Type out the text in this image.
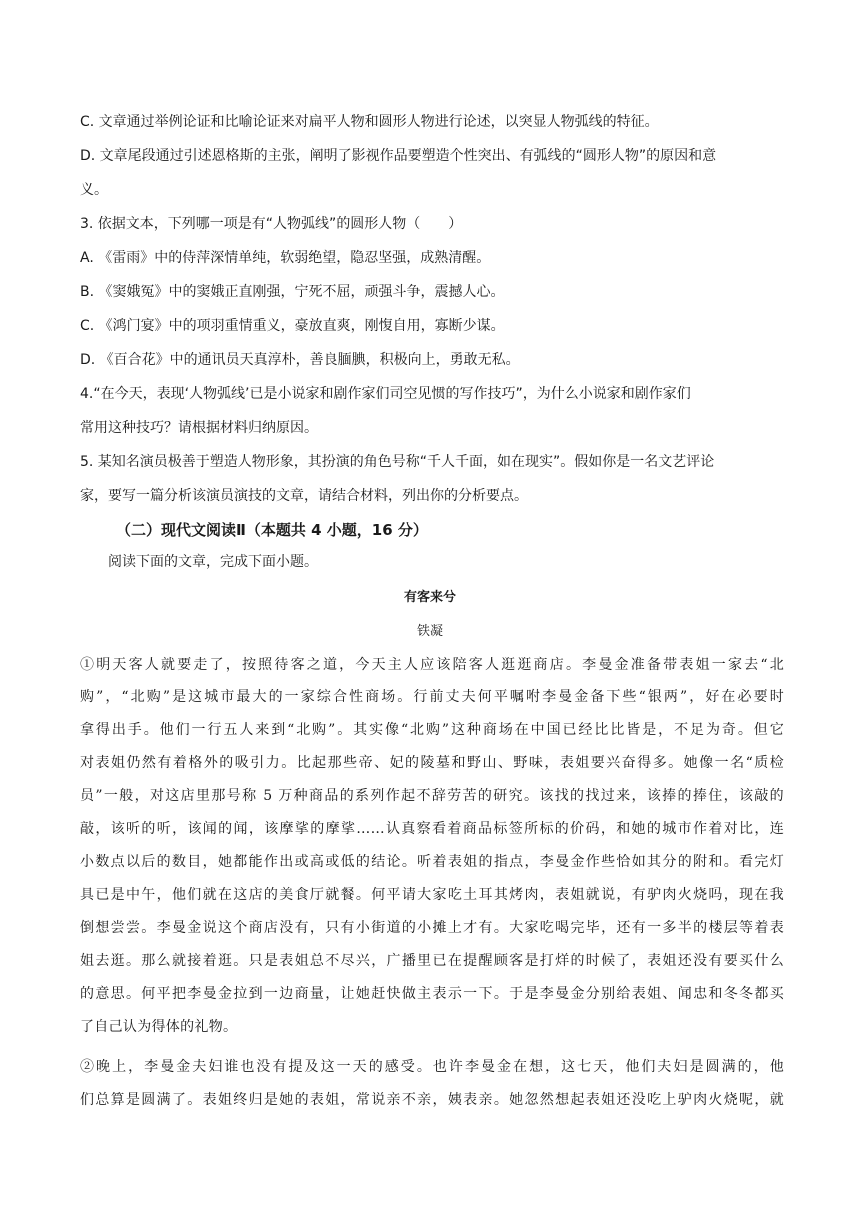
C. 文章通过举例论证和比喻论证来对扁平人物和圆形人物进行论述，以突显人物弧线的特征。
D. 文章尾段通过引述恩格斯的主张，阐明了影视作品要塑造个性突出、有弧线的“圆形人物”的原因和意
义。
3. 依据文本，下列哪一项是有“人物弧线”的圆形人物（　　）
A. 《雷雨》中的侍萍深情单纯，软弱绝望，隐忍坚强，成熟清醒。
B. 《窦娥冤》中的窦娥正直刚强，宁死不屈，顽强斗争，震撼人心。
C. 《鸿门宴》中的项羽重情重义，豪放直爽，刚愎自用，寡断少谋。
D. 《百合花》中的通讯员天真淳朴，善良腼腆，积极向上，勇敢无私。
4.“在今天，表现‘人物弧线’已是小说家和剧作家们司空见惯的写作技巧”，为什么小说家和剧作家们
常用这种技巧？请根据材料归纳原因。
5. 某知名演员极善于塑造人物形象，其扮演的角色号称“千人千面，如在现实”。假如你是一名文艺评论
家，要写一篇分析该演员演技的文章，请结合材料，列出你的分析要点。
（二）现代文阅读Ⅱ（本题共 4 小题，16 分）
阅读下面的文章，完成下面小题。
有客来兮
铁凝
①明天客人就要走了，按照待客之道，今天主人应该陪客人逛逛商店。李曼金准备带表姐一家去“北
购”，“北购”是这城市最大的一家综合性商场。行前丈夫何平嘱咐李曼金备下些“银两”，好在必要时
拿得出手。他们一行五人来到“北购”。其实像“北购”这种商场在中国已经比比皆是，不足为奇。但它
对表姐仍然有着格外的吸引力。比起那些帝、妃的陵墓和野山、野味，表姐要兴奋得多。她像一名“质检
员”一般，对这店里那号称 5 万种商品的系列作起不辞劳苦的研究。该找的找过来，该捧的捧住，该敲的
敲，该听的听，该闻的闻，该摩挲的摩挲……认真察看着商品标签所标的价码，和她的城市作着对比，连
小数点以后的数目，她都能作出或高或低的结论。听着表姐的指点，李曼金作些恰如其分的附和。看完灯
具已是中午，他们就在这店的美食厅就餐。何平请大家吃土耳其烤肉，表姐就说，有驴肉火烧吗，现在我
倒想尝尝。李曼金说这个商店没有，只有小街道的小摊上才有。大家吃喝完毕，还有一多半的楼层等着表
姐去逛。那么就接着逛。只是表姐总不尽兴，广播里已在提醒顾客是打烊的时候了，表姐还没有要买什么
的意思。何平把李曼金拉到一边商量，让她赶快做主表示一下。于是李曼金分别给表姐、闻忠和冬冬都买
了自己认为得体的礼物。
②晚上，李曼金夫妇谁也没有提及这一天的感受。也许李曼金在想，这七天，他们夫妇是圆满的，他
们总算是圆满了。表姐终归是她的表姐，常说亲不亲，姨表亲。她忽然想起表姐还没吃上驴肉火烧呢，就
